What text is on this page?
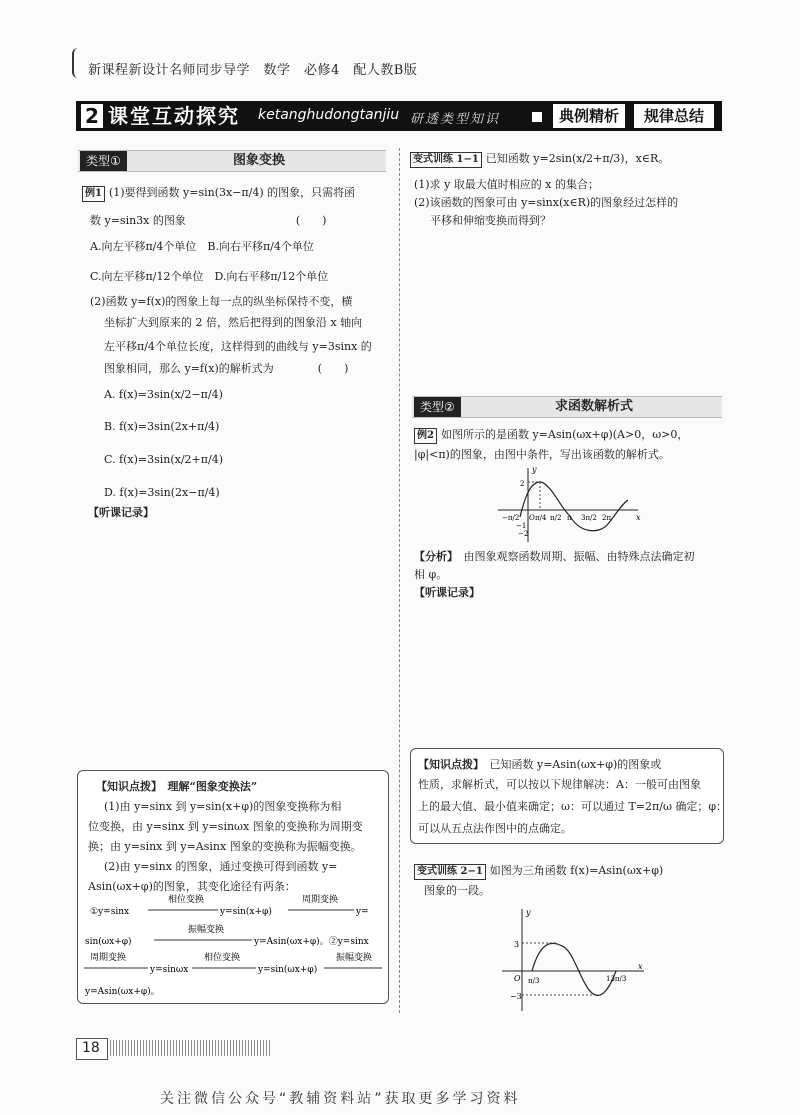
新课程新设计名师同步导学　数学　必修4　配人教B版
2 课堂互动探究 ketanghudongtanjiu 研透类型知识	典例精析	规律总结
类型①	图象变换
例1 (1)要得到函数 y=sin(3x−π/4) 的图象，只需将函
数 y=sin3x 的图象　　　　　　　　　　(　　)
A.向左平移π/4个单位　B.向右平移π/4个单位
C.向左平移π/12个单位　D.向右平移π/12个单位
(2)函数 y=f(x)的图象上每一点的纵坐标保持不变，横
坐标扩大到原来的 2 倍，然后把得到的图象沿 x 轴向
左平移π/4个单位长度，这样得到的曲线与 y=3sinx 的
图象相同，那么 y=f(x)的解析式为　　　　(　　)
A. f(x)=3sin(x/2−π/4)
B. f(x)=3sin(2x+π/4)
C. f(x)=3sin(x/2+π/4)
D. f(x)=3sin(2x−π/4)
【听课记录】
【知识点拨】　理解“图象变换法”
(1)由 y=sinx 到 y=sin(x+φ)的图象变换称为相
位变换，由 y=sinx 到 y=sinωx 图象的变换称为周期变
换；由 y=sinx 到 y=Asinx 图象的变换称为振幅变换。
(2)由 y=sinx 的图象，通过变换可得到函数 y=
Asin(ωx+φ)的图象，其变化途径有两条：
①y=sinx
相位变换
y=sin(x+φ)
周期变换
y=
sin(ωx+φ)
振幅变换
y=Asin(ωx+φ)。②y=sinx
周期变换
y=sinωx
相位变换
y=sin(ωx+φ)
振幅变换
y=Asin(ωx+φ)。
变式训练 1−1 已知函数 y=2sin(x/2+π/3)，x∈R。
(1)求 y 取最大值时相应的 x 的集合；
(2)该函数的图象可由 y=sinx(x∈R)的图象经过怎样的
平移和伸缩变换而得到？
类型②	求函数解析式
例2 如图所示的是函数 y=Asin(ωx+φ)(A>0，ω>0，
|φ|<π)的图象，由图中条件，写出该函数的解析式。
y
x
2
−2
−π/2
−1
O π/4 π/2 π 3π/2 2π
【分析】　 由图象观察函数周期、振幅、由特殊点法确定初
相 φ。
【听课记录】
【知识点拨】　 已知函数 y=Asin(ωx+φ)的图象或
性质，求解析式，可以按以下规律解决：A：一般可由图象
上的最大值、最小值来确定；ω：可以通过 T=2π/ω 确定；φ：
可以从五点法作图中的点确定。
变式训练 2−1 如图为三角函数 f(x)=Asin(ωx+φ)
图象的一段。
y
x
3
−3
O π/3	13π/3
18
关注微信公众号“教辅资料站”获取更多学习资料
